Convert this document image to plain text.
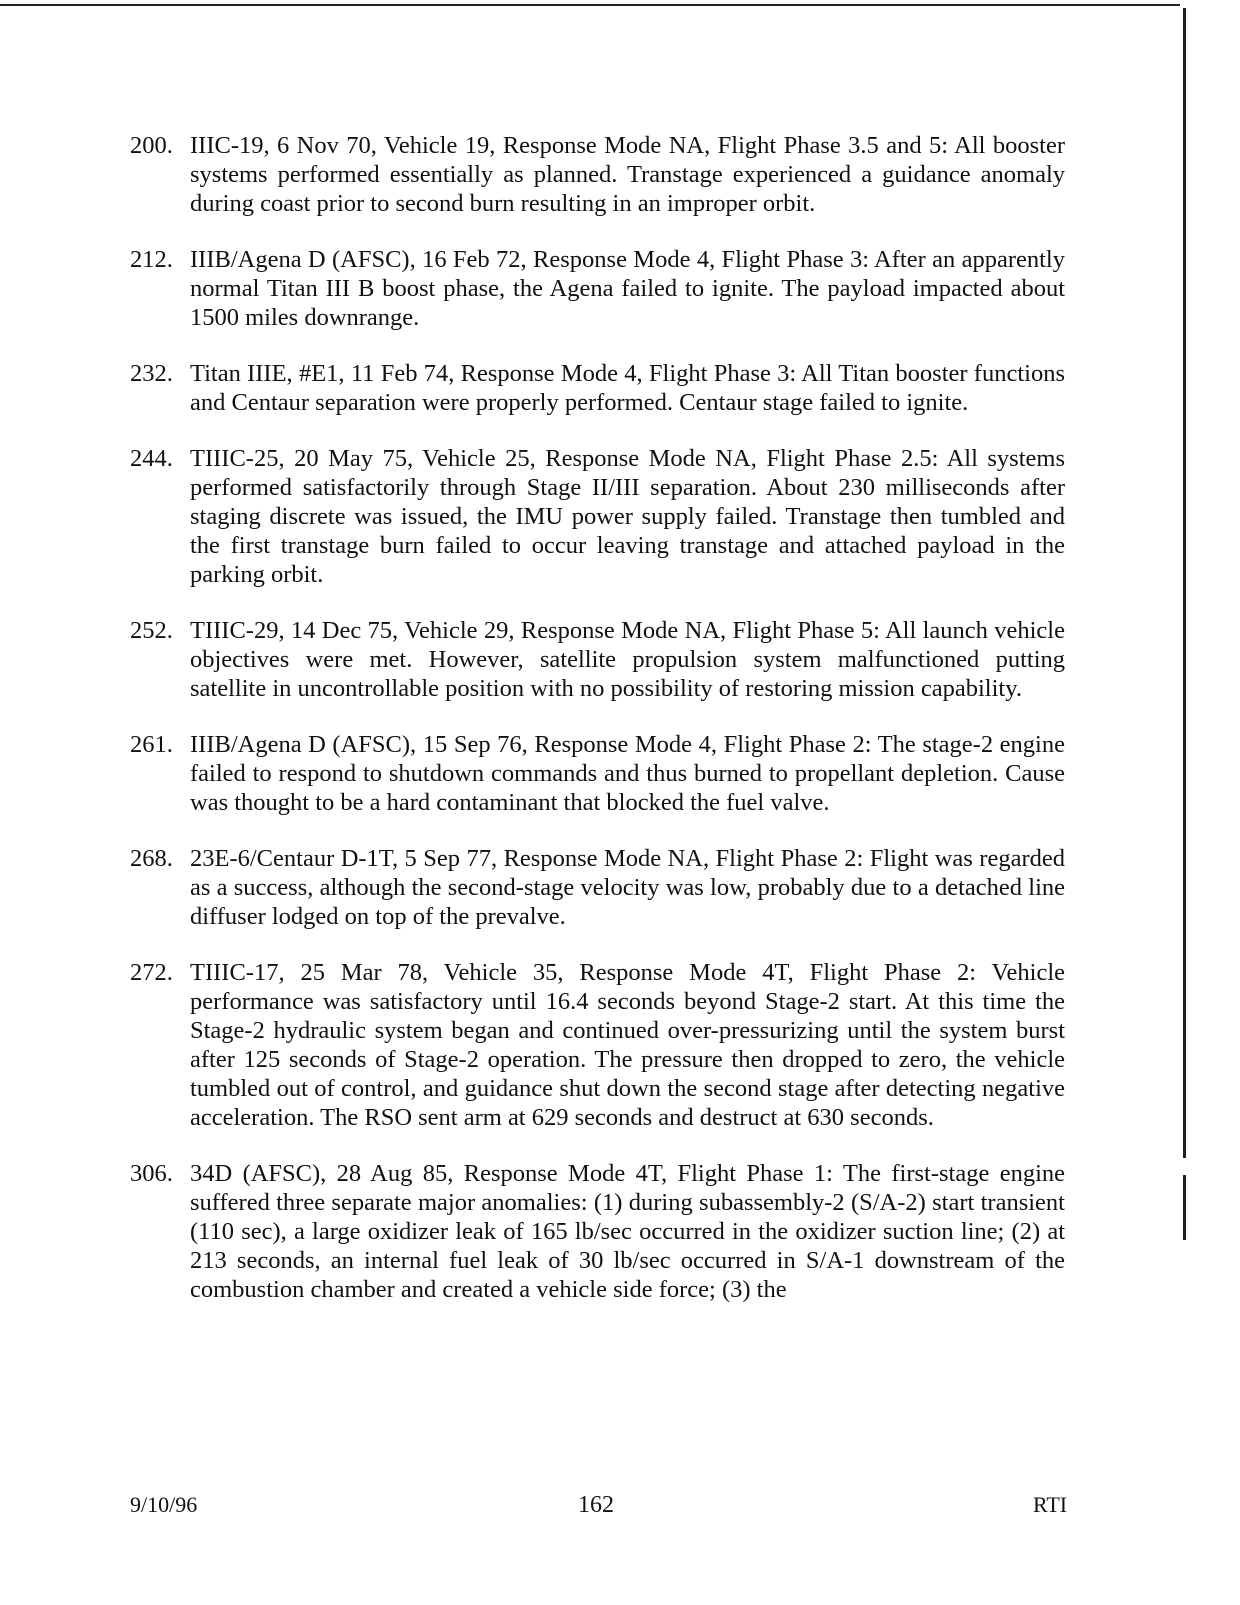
200. IIIC-19, 6 Nov 70, Vehicle 19, Response Mode NA, Flight Phase 3.5 and 5: All booster systems performed essentially as planned. Transtage experienced a guidance anomaly during coast prior to second burn resulting in an improper orbit.
212. IIIB/Agena D (AFSC), 16 Feb 72, Response Mode 4, Flight Phase 3: After an apparently normal Titan III B boost phase, the Agena failed to ignite. The payload impacted about 1500 miles downrange.
232. Titan IIIE, #E1, 11 Feb 74, Response Mode 4, Flight Phase 3: All Titan booster functions and Centaur separation were properly performed. Centaur stage failed to ignite.
244. TIIIC-25, 20 May 75, Vehicle 25, Response Mode NA, Flight Phase 2.5: All systems performed satisfactorily through Stage II/III separation. About 230 milliseconds after staging discrete was issued, the IMU power supply failed. Transtage then tumbled and the first transtage burn failed to occur leaving transtage and attached payload in the parking orbit.
252. TIIIC-29, 14 Dec 75, Vehicle 29, Response Mode NA, Flight Phase 5: All launch vehicle objectives were met. However, satellite propulsion system malfunctioned putting satellite in uncontrollable position with no possibility of restoring mission capability.
261. IIIB/Agena D (AFSC), 15 Sep 76, Response Mode 4, Flight Phase 2: The stage-2 engine failed to respond to shutdown commands and thus burned to propellant depletion. Cause was thought to be a hard contaminant that blocked the fuel valve.
268. 23E-6/Centaur D-1T, 5 Sep 77, Response Mode NA, Flight Phase 2: Flight was regarded as a success, although the second-stage velocity was low, probably due to a detached line diffuser lodged on top of the prevalve.
272. TIIIC-17, 25 Mar 78, Vehicle 35, Response Mode 4T, Flight Phase 2: Vehicle performance was satisfactory until 16.4 seconds beyond Stage-2 start. At this time the Stage-2 hydraulic system began and continued over-pressurizing until the system burst after 125 seconds of Stage-2 operation. The pressure then dropped to zero, the vehicle tumbled out of control, and guidance shut down the second stage after detecting negative acceleration. The RSO sent arm at 629 seconds and destruct at 630 seconds.
306. 34D (AFSC), 28 Aug 85, Response Mode 4T, Flight Phase 1: The first-stage engine suffered three separate major anomalies: (1) during subassembly-2 (S/A-2) start transient (110 sec), a large oxidizer leak of 165 lb/sec occurred in the oxidizer suction line; (2) at 213 seconds, an internal fuel leak of 30 lb/sec occurred in S/A-1 downstream of the combustion chamber and created a vehicle side force; (3) the
9/10/96	162	RTI
